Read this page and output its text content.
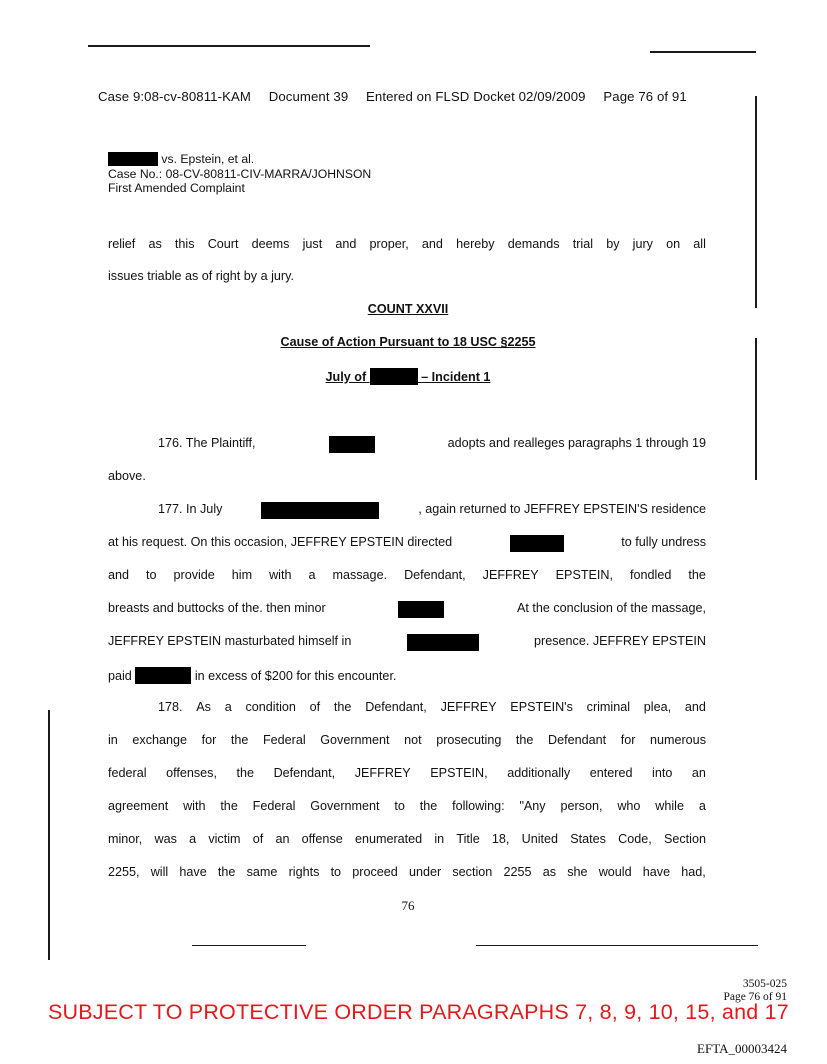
Case 9:08-cv-80811-KAM Document 39 Entered on FLSD Docket 02/09/2009 Page 76 of 91
vs. Epstein, et al.
Case No.: 08-CV-80811-CIV-MARRA/JOHNSON
First Amended Complaint
relief as this Court deems just and proper, and hereby demands trial by jury on all
issues triable as of right by a jury.
COUNT XXVII
Cause of Action Pursuant to 18 USC §2255
July of	– Incident 1
176. The Plaintiff,	adopts and realleges paragraphs 1 through 19
above.
177. In July	, again returned to JEFFREY EPSTEIN'S residence
at his request. On this occasion, JEFFREY EPSTEIN directed	to fully undress
and to provide him with a massage. Defendant, JEFFREY EPSTEIN, fondled the
breasts and buttocks of the. then minor	At the conclusion of the massage,
JEFFREY EPSTEIN masturbated himself in	presence. JEFFREY EPSTEIN
paid	in excess of $200 for this encounter.
178. As a condition of the Defendant, JEFFREY EPSTEIN's criminal plea, and
in exchange for the Federal Government not prosecuting the Defendant for numerous
federal offenses, the Defendant, JEFFREY EPSTEIN, additionally entered into an
agreement with the Federal Government to the following: "Any person, who while a
minor, was a victim of an offense enumerated in Title 18, United States Code, Section
2255, will have the same rights to proceed under section 2255 as she would have had,
76
3505-025
Page 76 of 91
SUBJECT TO PROTECTIVE ORDER PARAGRAPHS 7, 8, 9, 10, 15, and 17
EFTA_00003424
